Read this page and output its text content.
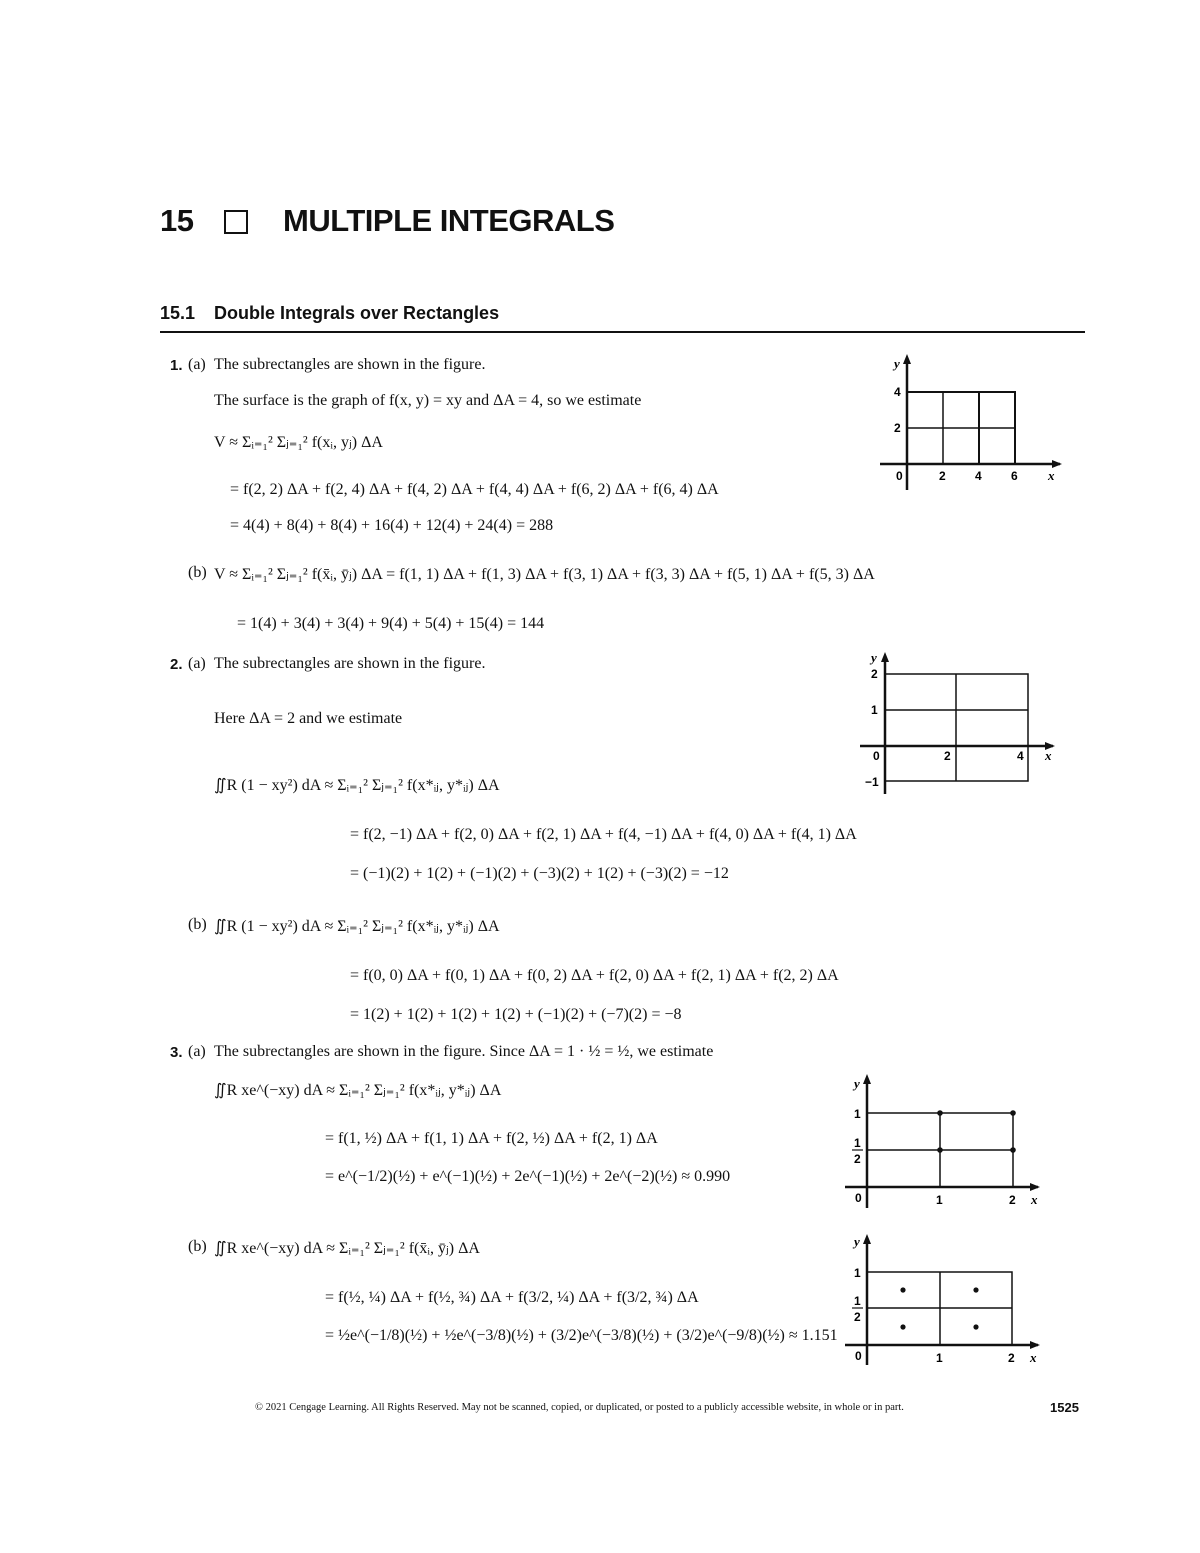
15	MULTIPLE INTEGRALS
15.1 Double Integrals over Rectangles
1. (a) The subrectangles are shown in the figure.
The surface is the graph of f(x, y) = xy and ΔA = 4, so we estimate
V ≈ Σᵢ₌₁² Σⱼ₌₁² f(xᵢ, yⱼ) ΔA
= f(2, 2) ΔA + f(2, 4) ΔA + f(4, 2) ΔA + f(4, 4) ΔA + f(6, 2) ΔA + f(6, 4) ΔA
= 4(4) + 8(4) + 8(4) + 16(4) + 12(4) + 24(4) = 288
(b) V ≈ Σᵢ₌₁² Σⱼ₌₁² f(x̄ᵢ, ȳⱼ) ΔA = f(1, 1) ΔA + f(1, 3) ΔA + f(3, 1) ΔA + f(3, 3) ΔA + f(5, 1) ΔA + f(5, 3) ΔA
= 1(4) + 3(4) + 3(4) + 9(4) + 5(4) + 15(4) = 144
y
4
2
0	2 4 6 x
2. (a) The subrectangles are shown in the figure.
Here ΔA = 2 and we estimate
∬R (1 − xy²) dA ≈ Σᵢ₌₁² Σⱼ₌₁² f(x*ᵢⱼ, y*ᵢⱼ) ΔA
= f(2, −1) ΔA + f(2, 0) ΔA + f(2, 1) ΔA + f(4, −1) ΔA + f(4, 0) ΔA + f(4, 1) ΔA
= (−1)(2) + 1(2) + (−1)(2) + (−3)(2) + 1(2) + (−3)(2) = −12
(b) ∬R (1 − xy²) dA ≈ Σᵢ₌₁² Σⱼ₌₁² f(x*ᵢⱼ, y*ᵢⱼ) ΔA
= f(0, 0) ΔA + f(0, 1) ΔA + f(0, 2) ΔA + f(2, 0) ΔA + f(2, 1) ΔA + f(2, 2) ΔA
= 1(2) + 1(2) + 1(2) + 1(2) + (−1)(2) + (−7)(2) = −8
y
2
1
−1
0	2	4 x
3. (a) The subrectangles are shown in the figure. Since ΔA = 1 · ½ = ½, we estimate
∬R xe^(−xy) dA ≈ Σᵢ₌₁² Σⱼ₌₁² f(x*ᵢⱼ, y*ᵢⱼ) ΔA
= f(1, ½) ΔA + f(1, 1) ΔA + f(2, ½) ΔA + f(2, 1) ΔA
= e^(−1/2)(½) + e^(−1)(½) + 2e^(−1)(½) + 2e^(−2)(½) ≈ 0.990
(b) ∬R xe^(−xy) dA ≈ Σᵢ₌₁² Σⱼ₌₁² f(x̄ᵢ, ȳⱼ) ΔA
= f(½, ¼) ΔA + f(½, ¾) ΔA + f(3/2, ¼) ΔA + f(3/2, ¾) ΔA
= ½e^(−1/8)(½) + ½e^(−3/8)(½) + (3/2)e^(−3/8)(½) + (3/2)e^(−9/8)(½) ≈ 1.151
y
1
1
2
0	1	2 x
y
1
1
2
0	1	2 x
© 2021 Cengage Learning. All Rights Reserved. May not be scanned, copied, or duplicated, or posted to a publicly accessible website, in whole or in part.	1525
